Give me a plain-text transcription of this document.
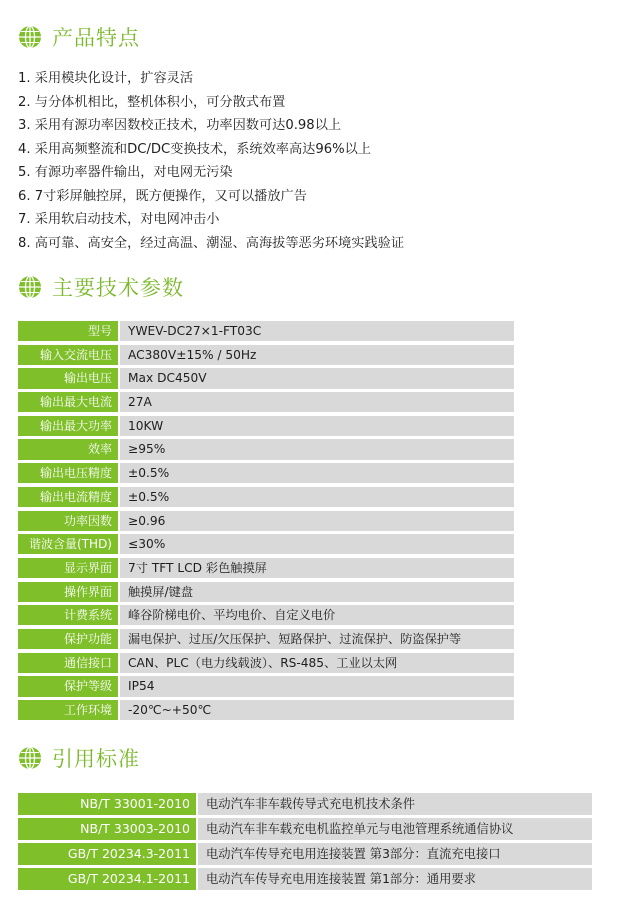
产品特点
1. 采用模块化设计，扩容灵活
2. 与分体机相比，整机体积小，可分散式布置
3. 采用有源功率因数校正技术，功率因数可达0.98以上
4. 采用高频整流和DC/DC变换技术，系统效率高达96%以上
5. 有源功率器件输出，对电网无污染
6. 7寸彩屏触控屏，既方便操作，又可以播放广告
7. 采用软启动技术，对电网冲击小
8. 高可靠、高安全，经过高温、潮湿、高海拔等恶劣环境实践验证
主要技术参数
型号	YWEV-DC27×1-FT03C
输入交流电压	AC380V±15% / 50Hz
输出电压	Max DC450V
输出最大电流	27A
输出最大功率	10KW
效率	≥95%
输出电压精度	±0.5%
输出电流精度	±0.5%
功率因数	≥0.96
谐波含量(THD)	≤30%
显示界面	7寸 TFT LCD 彩色触摸屏
操作界面	触摸屏/键盘
计费系统	峰谷阶梯电价、平均电价、自定义电价
保护功能	漏电保护、过压/欠压保护、短路保护、过流保护、防盗保护等
通信接口	CAN、PLC（电力线载波）、RS-485、工业以太网
保护等级	IP54
工作环境	-20℃~+50℃
引用标准
NB/T 33001-2010	电动汽车非车载传导式充电机技术条件
NB/T 33003-2010	电动汽车非车载充电机监控单元与电池管理系统通信协议
GB/T 20234.3-2011	电动汽车传导充电用连接装置 第3部分：直流充电接口
GB/T 20234.1-2011	电动汽车传导充电用连接装置 第1部分：通用要求
